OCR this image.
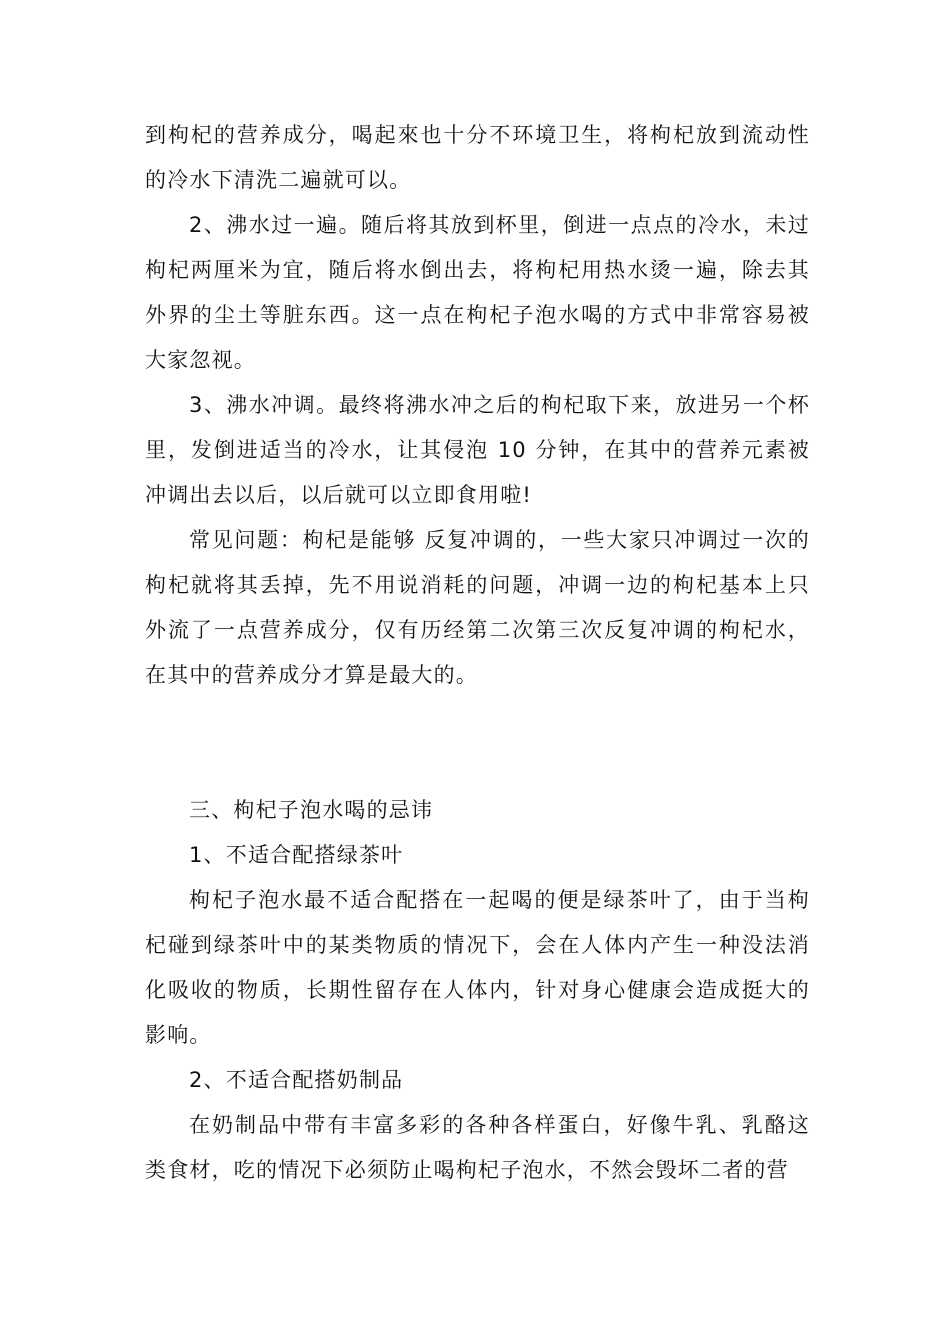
到枸杞的营养成分，喝起來也十分不环境卫生，将枸杞放到流动性的冷水下清洗二遍就可以。

2、沸水过一遍。随后将其放到杯里，倒进一点点的冷水，未过枸杞两厘米为宜，随后将水倒出去，将枸杞用热水烫一遍，除去其外界的尘土等脏东西。这一点在枸杞子泡水喝的方式中非常容易被大家忽视。

3、沸水冲调。最终将沸水冲之后的枸杞取下来，放进另一个杯里，发倒进适当的冷水，让其侵泡 10 分钟，在其中的营养元素被冲调出去以后，以后就可以立即食用啦!

常见问题：枸杞是能够 反复冲调的，一些大家只冲调过一次的枸杞就将其丢掉，先不用说消耗的问题，冲调一边的枸杞基本上只外流了一点营养成分，仅有历经第二次第三次反复冲调的枸杞水，在其中的营养成分才算是最大的。

三、枸杞子泡水喝的忌讳

1、不适合配搭绿茶叶

枸杞子泡水最不适合配搭在一起喝的便是绿茶叶了，由于当枸杞碰到绿茶叶中的某类物质的情况下，会在人体内产生一种没法消化吸收的物质，长期性留存在人体内，针对身心健康会造成挺大的影响。

2、不适合配搭奶制品

在奶制品中带有丰富多彩的各种各样蛋白，好像牛乳、乳酪这类食材，吃的情况下必须防止喝枸杞子泡水，不然会毁坏二者的营
